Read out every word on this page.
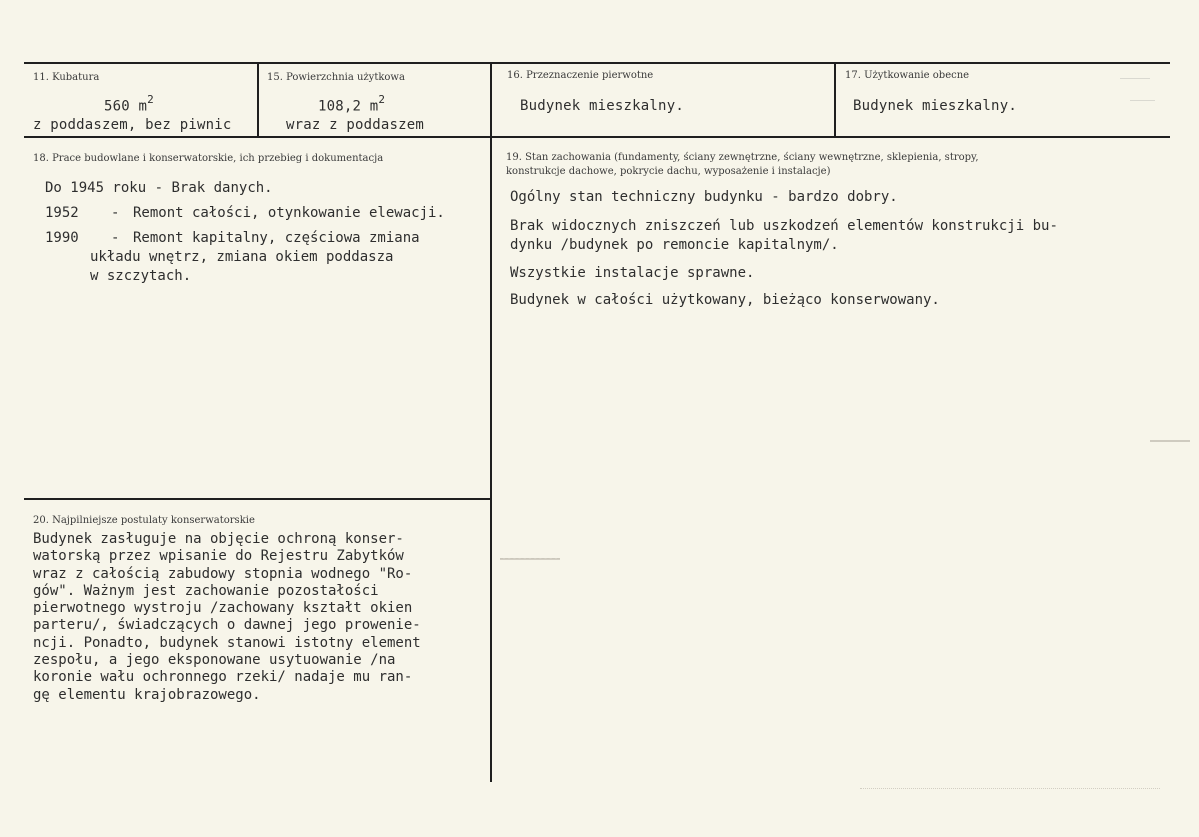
11. Kubatura
560 $m^2$
z poddaszem, bez piwnic
15. Powierzchnia użytkowa
108,2 $m^2$
wraz z poddaszem
16. Przeznaczenie pierwotne
Budynek mieszkalny.
17. Użytkowanie obecne
Budynek mieszkalny.
18. Prace budowlane i konserwatorskie, ich przebieg i dokumentacja
Do 1945 roku - Brak danych.
1952	- Remont całości, otynkowanie elewacji.
1990	- Remont kapitalny, częściowa zmiana
układu wnętrz, zmiana okiem poddasza
w szczytach.
19. Stan zachowania (fundamenty, ściany zewnętrzne, ściany wewnętrzne, sklepienia, stropy,
konstrukcje dachowe, pokrycie dachu, wyposażenie i instalacje)
Ogólny stan techniczny budynku - bardzo dobry.
Brak widocznych zniszczeń lub uszkodzeń elementów konstrukcji bu-
dynku /budynek po remoncie kapitalnym/.
Wszystkie instalacje sprawne.
Budynek w całości użytkowany, bieżąco konserwowany.
20. Najpilniejsze postulaty konserwatorskie
Budynek zasługuje na objęcie ochroną konser-
watorską przez wpisanie do Rejestru Zabytków
wraz z całością zabudowy stopnia wodnego "Ro-
gów". Ważnym jest zachowanie pozostałości
pierwotnego wystroju /zachowany kształt okien
parteru/, świadczących o dawnej jego prowenie-
ncji. Ponadto, budynek stanowi istotny element
zespołu, a jego eksponowane usytuowanie /na
koronie wału ochronnego rzeki/ nadaje mu ran-
gę elementu krajobrazowego.
